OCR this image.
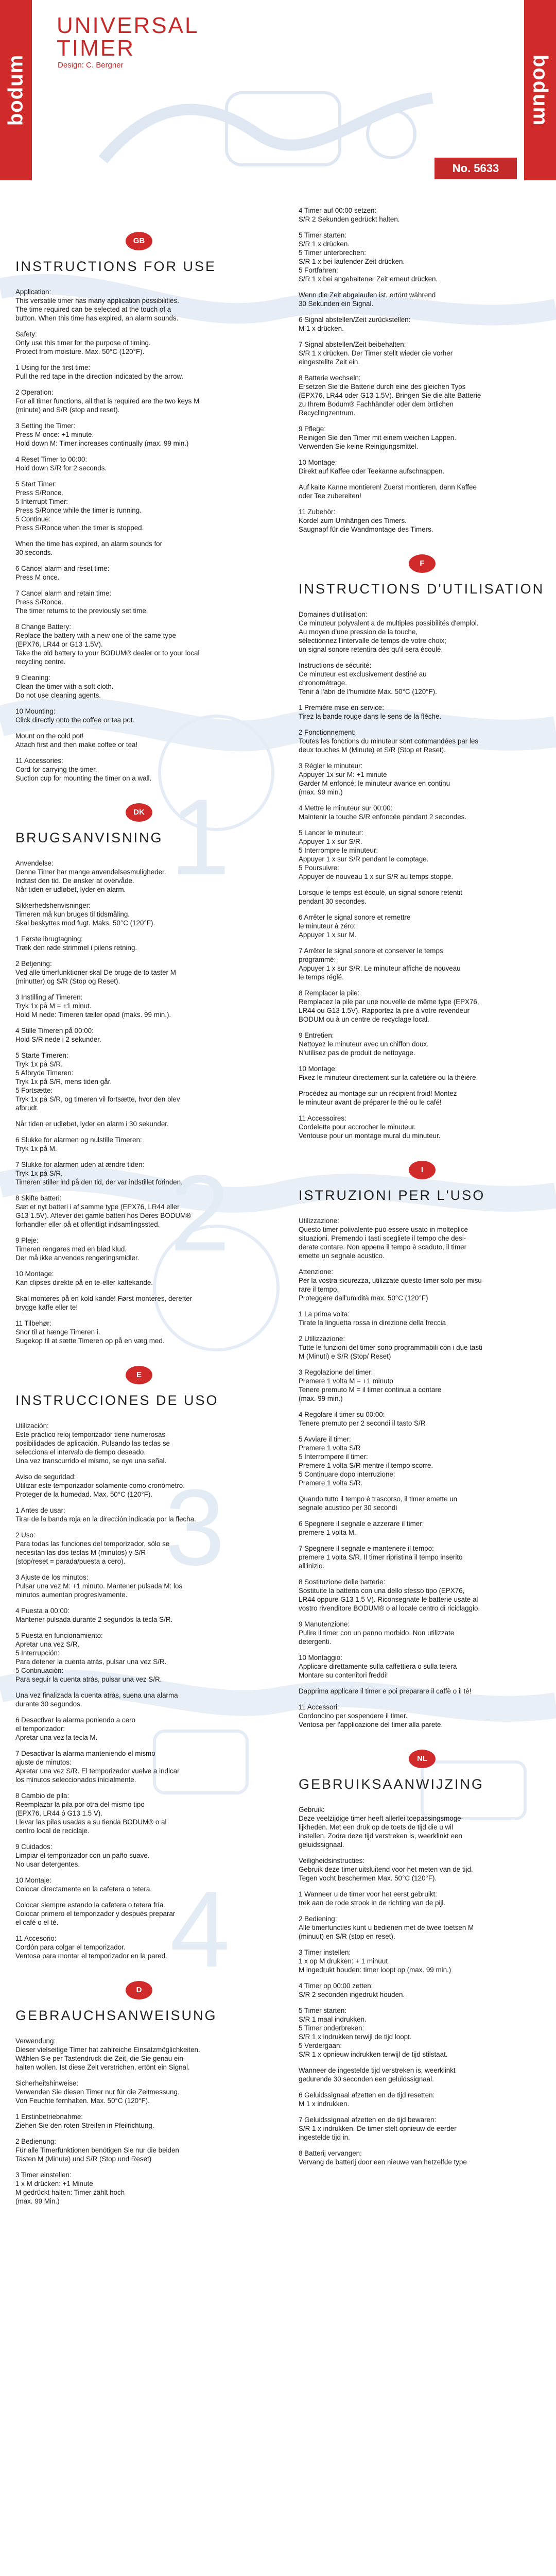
1
2
3
4
bodum	bodum
UNIVERSAL
TIMER
Design: C. Bergner
No. 5633
GB
INSTRUCTIONS FOR USE
Application:
This versatile timer has many application possibilities.
The time required can be selected at the touch of a
button. When this time has expired, an alarm sounds.
Safety:
Only use this timer for the purpose of timing.
Protect from moisture. Max. 50°C (120°F).
1 Using for the first time:
Pull the red tape in the direction indicated by the arrow.
2 Operation:
For all timer functions, all that is required are the two keys M
(minute) and S/R (stop and reset).
3 Setting the Timer:
Press M once: +1 minute.
Hold down M: Timer increases continually (max. 99 min.)
4 Reset Timer to 00:00:
Hold down S/R for 2 seconds.
5 Start Timer:
Press S/Ronce.
5 Interrupt Timer:
Press S/Ronce while the timer is running.
5 Continue:
Press S/Ronce when the timer is stopped.
When the time has expired, an alarm sounds for
30 seconds.
6 Cancel alarm and reset time:
Press M once.
7 Cancel alarm and retain time:
Press S/Ronce.
The timer returns to the previously set time.
8 Change Battery:
Replace the battery with a new one of the same type
(EPX76, LR44 or G13 1.5V).
Take the old battery to your BODUM® dealer or to your local
recycling centre.
9 Cleaning:
Clean the timer with a soft cloth.
Do not use cleaning agents.
10 Mounting:
Click directly onto the coffee or tea pot.
Mount on the cold pot!
Attach first and then make coffee or tea!
11 Accessories:
Cord for carrying the timer.
Suction cup for mounting the timer on a wall.
DK
BRUGSANVISNING
Anvendelse:
Denne Timer har mange anvendelsesmuligheder.
Indtast den tid. De ønsker at overvåde.
Når tiden er udløbet, lyder en alarm.
Sikkerhedshenvisninger:
Timeren må kun bruges til tidsmåling.
Skal beskyttes mod fugt. Maks. 50°C (120°F).
1 Første ibrugtagning:
Træk den røde strimmel i pilens retning.
2 Betjening:
Ved alle timerfunktioner skal De bruge de to taster M
(minutter) og S/R (Stop og Reset).
3 Instilling af Timeren:
Tryk 1x på M = +1 minut.
Hold M nede: Timeren tæller opad (maks. 99 min.).
4 Stille Timeren på 00:00:
Hold S/R nede i 2 sekunder.
5 Starte Timeren:
Tryk 1x på S/R.
5 Afbryde Timeren:
Tryk 1x på S/R, mens tiden går.
5 Fortsætte:
Tryk 1x på S/R, og timeren vil fortsætte, hvor den blev
afbrudt.
Når tiden er udløbet, lyder en alarm i 30 sekunder.
6 Slukke for alarmen og nulstille Timeren:
Tryk 1x på M.
7 Slukke for alarmen uden at ændre tiden:
Tryk 1x på S/R.
Timeren stiller ind på den tid, der var indstillet forinden.
8 Skifte batteri:
Sæt et nyt batteri i af samme type (EPX76, LR44 eller
G13 1.5V). Aflever det gamle batteri hos Deres BODUM®
forhandler eller på et offentligt indsamlingssted.
9 Pleje:
Timeren rengøres med en blød klud.
Der må ikke anvendes rengøringsmidler.
10 Montage:
Kan clipses direkte på en te-eller kaffekande.
Skal monteres på en kold kande! Først monteres, derefter
brygge kaffe eller te!
11 Tilbehør:
Snor til at hænge Timeren i.
Sugekop til at sætte Timeren op på en væg med.
E
INSTRUCCIONES DE USO
Utilización:
Este práctico reloj temporizador tiene numerosas
posibilidades de aplicación. Pulsando las teclas se
selecciona el intervalo de tiempo deseado.
Una vez transcurrido el mismo, se oye una señal.
Aviso de seguridad:
Utilizar este temporizador solamente como cronómetro.
Proteger de la humedad. Max. 50°C (120°F).
1 Antes de usar:
Tirar de la banda roja en la dirección indicada por la flecha.
2 Uso:
Para todas las funciones del temporizador, sólo se
necesitan las dos teclas M (minutos) y S/R
(stop/reset = parada/puesta a cero).
3 Ajuste de los minutos:
Pulsar una vez M: +1 minuto. Mantener pulsada M: los
minutos aumentan progresivamente.
4 Puesta a 00:00:
Mantener pulsada durante 2 segundos la tecla S/R.
5 Puesta en funcionamiento:
Apretar una vez S/R.
5 Interrupción:
Para detener la cuenta atrás, pulsar una vez S/R.
5 Continuación:
Para seguir la cuenta atrás, pulsar una vez S/R.
Una vez finalizada la cuenta atrás, suena una alarma
durante 30 segundos.
6 Desactivar la alarma poniendo a cero
el temporizador:
Apretar una vez la tecla M.
7 Desactivar la alarma manteniendo el mismo
ajuste de minutos:
Apretar una vez S/R. El temporizador vuelve a indicar
los minutos seleccionados inicialmente.
8 Cambio de pila:
Reemplazar la pila por otra del mismo tipo
(EPX76, LR44 ó G13 1.5 V).
Llevar las pilas usadas a su tienda BODUM® o al
centro local de reciclaje.
9 Cuidados:
Limpiar el temporizador con un paño suave.
No usar detergentes.
10 Montaje:
Colocar directamente en la cafetera o tetera.
Colocar siempre estando la cafetera o tetera fría.
Colocar primero el temporizador y después preparar
el café o el té.
11 Accesorio:
Cordón para colgar el temporizador.
Ventosa para montar el temporizador en la pared.
D
GEBRAUCHSANWEISUNG
Verwendung:
Dieser vielseitige Timer hat zahlreiche Einsatzmöglichkeiten.
Wählen Sie per Tastendruck die Zeit, die Sie genau ein-
halten wollen. Ist diese Zeit verstrichen, ertönt ein Signal.
Sicherheitshinweise:
Verwenden Sie diesen Timer nur für die Zeitmessung.
Von Feuchte fernhalten. Max. 50°C (120°F).
1 Erstinbetriebnahme:
Ziehen Sie den roten Streifen in Pfeilrichtung.
2 Bedienung:
Für alle Timerfunktionen benötigen Sie nur die beiden
Tasten M (Minute) und S/R (Stop und Reset)
3 Timer einstellen:
1 x M drücken: +1 Minute
M gedrückt halten: Timer zählt hoch
(max. 99 Min.)
4 Timer auf 00:00 setzen:
S/R 2 Sekunden gedrückt halten.
5 Timer starten:
S/R 1 x drücken.
5 Timer unterbrechen:
S/R 1 x bei laufender Zeit drücken.
5 Fortfahren:
S/R 1 x bei angehaltener Zeit erneut drücken.
Wenn die Zeit abgelaufen ist, ertönt während
30 Sekunden ein Signal.
6 Signal abstellen/Zeit zurückstellen:
M 1 x drücken.
7 Signal abstellen/Zeit beibehalten:
S/R 1 x drücken. Der Timer stellt wieder die vorher
eingestellte Zeit ein.
8 Batterie wechseln:
Ersetzen Sie die Batterie durch eine des gleichen Typs
(EPX76, LR44 oder G13 1.5V). Bringen Sie die alte Batterie
zu Ihrem Bodum® Fachhändler oder dem örtlichen
Recyclingzentrum.
9 Pflege:
Reinigen Sie den Timer mit einem weichen Lappen.
Verwenden Sie keine Reinigungsmittel.
10 Montage:
Direkt auf Kaffee oder Teekanne aufschnappen.
Auf kalte Kanne montieren! Zuerst montieren, dann Kaffee
oder Tee zubereiten!
11 Zubehör:
Kordel zum Umhängen des Timers.
Saugnapf für die Wandmontage des Timers.
F
INSTRUCTIONS D'UTILISATION
Domaines d'utilisation:
Ce minuteur polyvalent a de multiples possibilités d'emploi.
Au moyen d'une pression de la touche,
sélectionnez l'intervalle de temps de votre choix;
un signal sonore retentira dès qu'il sera écoulé.
Instructions de sécurité:
Ce minuteur est exclusivement destiné au
chronométrage.
Tenir à l'abri de l'humidité Max. 50°C (120°F).
1 Première mise en service:
Tirez la bande rouge dans le sens de la flèche.
2 Fonctionnement:
Toutes les fonctions du minuteur sont commandées par les
deux touches M (Minute) et S/R (Stop et Reset).
3 Régler le minuteur:
Appuyer 1x sur M: +1 minute
Garder M enfoncé: le minuteur avance en continu
(max. 99 min.)
4 Mettre le minuteur sur 00:00:
Maintenir la touche S/R enfoncée pendant 2 secondes.
5 Lancer le minuteur:
Appuyer 1 x sur S/R.
5 Interrompre le minuteur:
Appuyer 1 x sur S/R pendant le comptage.
5 Poursuivre:
Appuyer de nouveau 1 x sur S/R au temps stoppé.
Lorsque le temps est écoulé, un signal sonore retentit
pendant 30 secondes.
6 Arrêter le signal sonore et remettre
le minuteur à zéro:
Appuyer 1 x sur M.
7 Arrêter le signal sonore et conserver le temps
programmé:
Appuyer 1 x sur S/R. Le minuteur affiche de nouveau
le temps réglé.
8 Remplacer la pile:
Remplacez la pile par une nouvelle de même type (EPX76,
LR44 ou G13 1.5V). Rapportez la pile à votre revendeur
BODUM ou à un centre de recyclage local.
9 Entretien:
Nettoyez le minuteur avec un chiffon doux.
N'utilisez pas de produit de nettoyage.
10 Montage:
Fixez le minuteur directement sur la cafetière ou la théière.
Procédez au montage sur un récipient froid! Montez
le minuteur avant de préparer le thé ou le café!
11 Accessoires:
Cordelette pour accrocher le minuteur.
Ventouse pour un montage mural du minuteur.
I
ISTRUZIONI PER L'USO
Utilizzazione:
Questo timer polivalente può essere usato in molteplice
situazioni. Premendo i tasti scegliete il tempo che desi-
derate contare. Non appena il tempo è scaduto, il timer
emette un segnale acustico.
Attenzione:
Per la vostra sicurezza, utilizzate questo timer solo per misu-
rare il tempo.
Proteggere dall'umidità max. 50°C (120°F)
1 La prima volta:
Tirate la linguetta rossa in direzione della freccia
2 Utilizzazione:
Tutte le funzioni del timer sono programmabili con i due tasti
M (Minuti) e S/R (Stop/ Reset)
3 Regolazione del timer:
Premere 1 volta M = +1 minuto
Tenere premuto M = il timer continua a contare
(max. 99 min.)
4 Regolare il timer su 00:00:
Tenere premuto per 2 secondi il tasto S/R
5 Avviare il timer:
Premere 1 volta S/R
5 Interrompere il timer:
Premere 1 volta S/R mentre il tempo scorre.
5 Continuare dopo interruzione:
Premere 1 volta S/R.
Quando tutto il tempo è trascorso, il timer emette un
segnale acustico per 30 secondi
6 Spegnere il segnale e azzerare il timer:
premere 1 volta M.
7 Spegnere il segnale e mantenere il tempo:
premere 1 volta S/R. Il timer ripristina il tempo inserito
all'inizio.
8 Sostituzione delle batterie:
Sostituite la batteria con una dello stesso tipo (EPX76,
LR44 oppure G13 1.5 V). Riconsegnate le batterie usate al
vostro rivenditore BODUM® o al locale centro di riciclaggio.
9 Manutenzione:
Pulire il timer con un panno morbido. Non utilizzate
detergenti.
10 Montaggio:
Applicare direttamente sulla caffettiera o sulla teiera
Montare su contenitori freddi!
Dapprima applicare il timer e poi preparare il caffè o il tè!
11 Accessori:
Cordoncino per sospendere il timer.
Ventosa per l'applicazione del timer alla parete.
NL
GEBRUIKSAANWIJZING
Gebruik:
Deze veelzijdige timer heeft allerlei toepassingsmoge-
lijkheden. Met een druk op de toets de tijd die u wil
instellen. Zodra deze tijd verstreken is, weerklinkt een
geluidssignaal.
Veiligheidsinstructies:
Gebruik deze timer uitsluitend voor het meten van de tijd.
Tegen vocht beschermen Max. 50°C (120°F).
1 Wanneer u de timer voor het eerst gebruikt:
trek aan de rode strook in de richting van de pijl.
2 Bediening:
Alle timerfuncties kunt u bedienen met de twee toetsen M
(minuut) en S/R (stop en reset).
3 Timer instellen:
1 x op M drukken: + 1 minuut
M ingedrukt houden: timer loopt op (max. 99 min.)
4 Timer op 00:00 zetten:
S/R 2 seconden ingedrukt houden.
5 Timer starten:
S/R 1 maal indrukken.
5 Timer onderbreken:
S/R 1 x indrukken terwijl de tijd loopt.
5 Verdergaan:
S/R 1 x opnieuw indrukken terwijl de tijd stilstaat.
Wanneer de ingestelde tijd verstreken is, weerklinkt
gedurende 30 seconden een geluidssignaal.
6 Geluidssignaal afzetten en de tijd resetten:
M 1 x indrukken.
7 Geluidssignaal afzetten en de tijd bewaren:
S/R 1 x indrukken. De timer stelt opnieuw de eerder
ingestelde tijd in.
8 Batterij vervangen:
Vervang de batterij door een nieuwe van hetzelfde type
